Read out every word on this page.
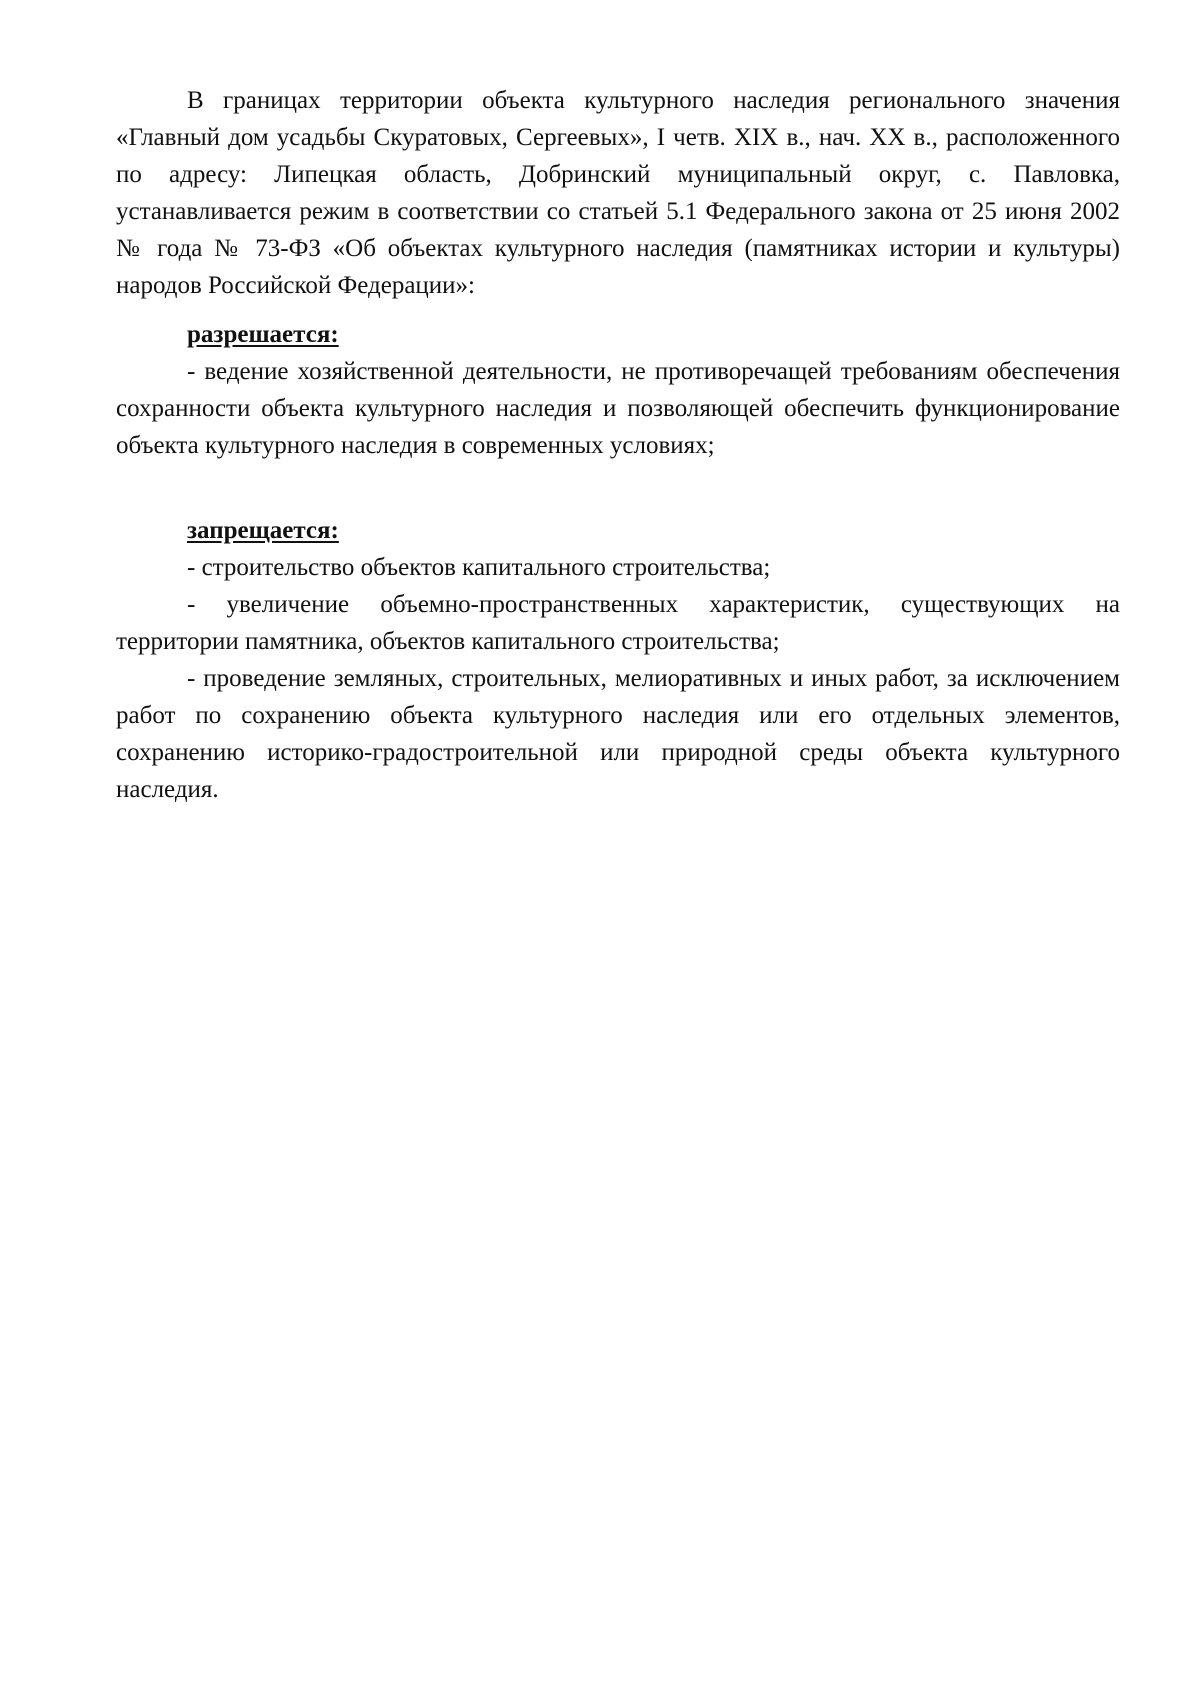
В границах территории объекта культурного наследия регионального значения «Главный дом усадьбы Скуратовых, Сергеевых», I четв. XIX в., нач. XX в., расположенного по адресу: Липецкая область, Добринский муниципальный округ, с. Павловка, устанавливается режим в соответствии со статьей 5.1 Федерального закона от 25 июня 2002 № года № 73-ФЗ «Об объектах культурного наследия (памятниках истории и культуры) народов Российской Федерации»:

разрешается:

- ведение хозяйственной деятельности, не противоречащей требованиям обеспечения сохранности объекта культурного наследия и позволяющей обеспечить функционирование объекта культурного наследия в современных условиях;

запрещается:

- строительство объектов капитального строительства;

- увеличение объемно-пространственных характеристик, существующих на территории памятника, объектов капитального строительства;

- проведение земляных, строительных, мелиоративных и иных работ, за исключением работ по сохранению объекта культурного наследия или его отдельных элементов, сохранению историко-градостроительной или природной среды объекта культурного наследия.
